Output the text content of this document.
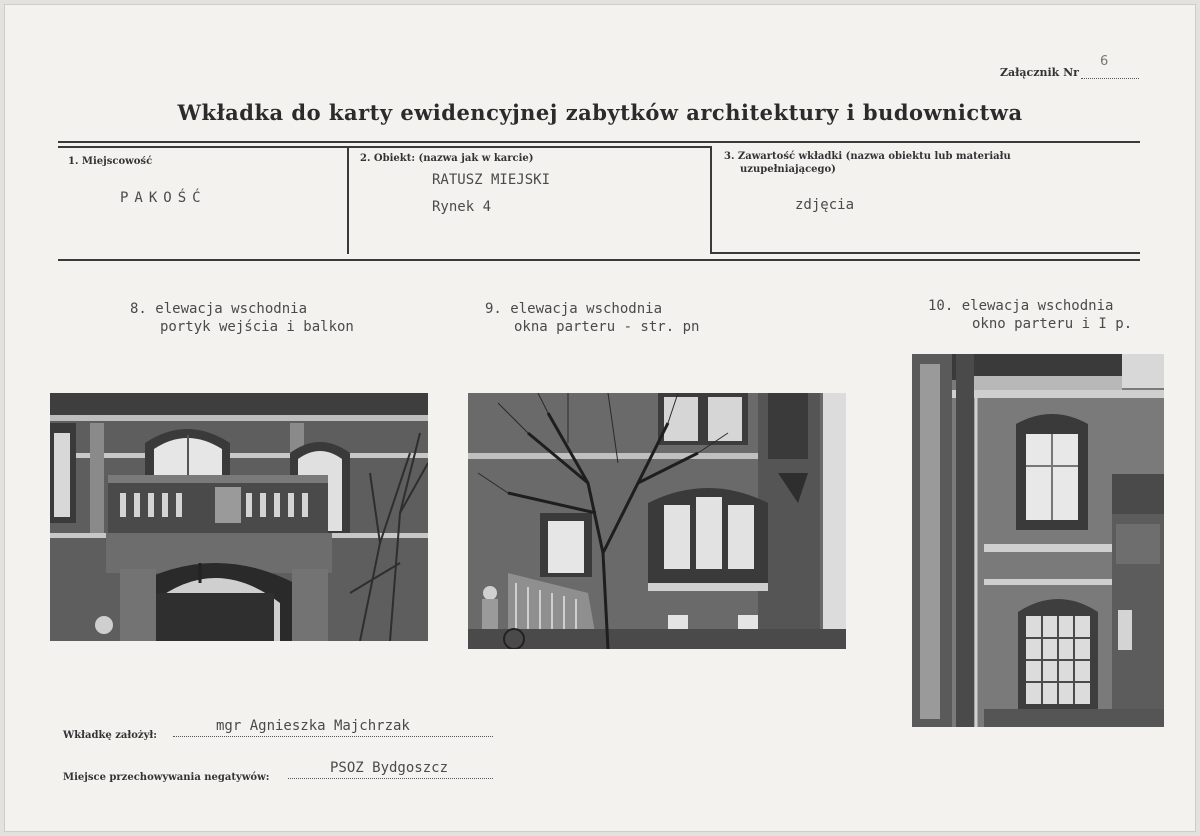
6
Załącznik Nr
Wkładka do karty ewidencyjnej zabytków architektury i budownictwa
1. Miejscowość
PAKOŚĆ
2. Obiekt: (nazwa jak w karcie)
RATUSZ MIEJSKI
Rynek 4
3. Zawartość wkładki (nazwa obiektu lub materiału
uzupełniającego)
zdjęcia
8. elewacja wschodnia
portyk wejścia i balkon
9. elewacja wschodnia
okna parteru - str. pn
10. elewacja wschodnia
okno parteru i I p.
Wkładkę założył:
mgr Agnieszka Majchrzak
Miejsce przechowywania negatywów:
PSOZ Bydgoszcz
